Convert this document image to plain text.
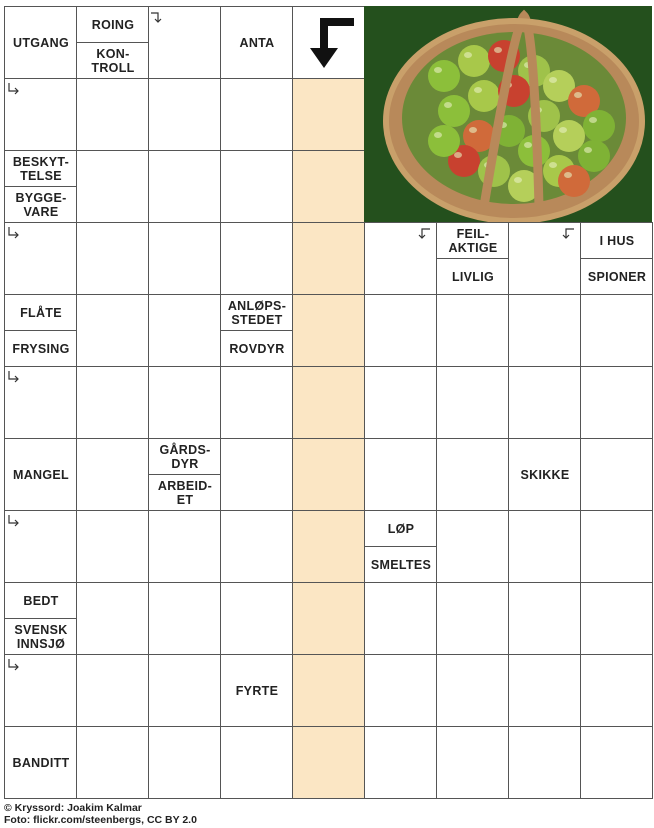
UTGANG
ROING
KON-
TROLL
ANTA
BESKYT-
TELSE
BYGGE-
VARE
FEIL-
AKTIGE
LIVLIG
I HUS
SPIONER
FLÅTE
FRYSING
ANLØPS-
STEDET
ROVDYR
MANGEL
GÅRDS-
DYR
ARBEID-
ET
SKIKKE
LØP
SMELTES
BEDT
SVENSK
INNSJØ
FYRTE
BANDITT
© Kryssord: Joakim Kalmar
Foto: flickr.com/steenbergs, CC BY 2.0
